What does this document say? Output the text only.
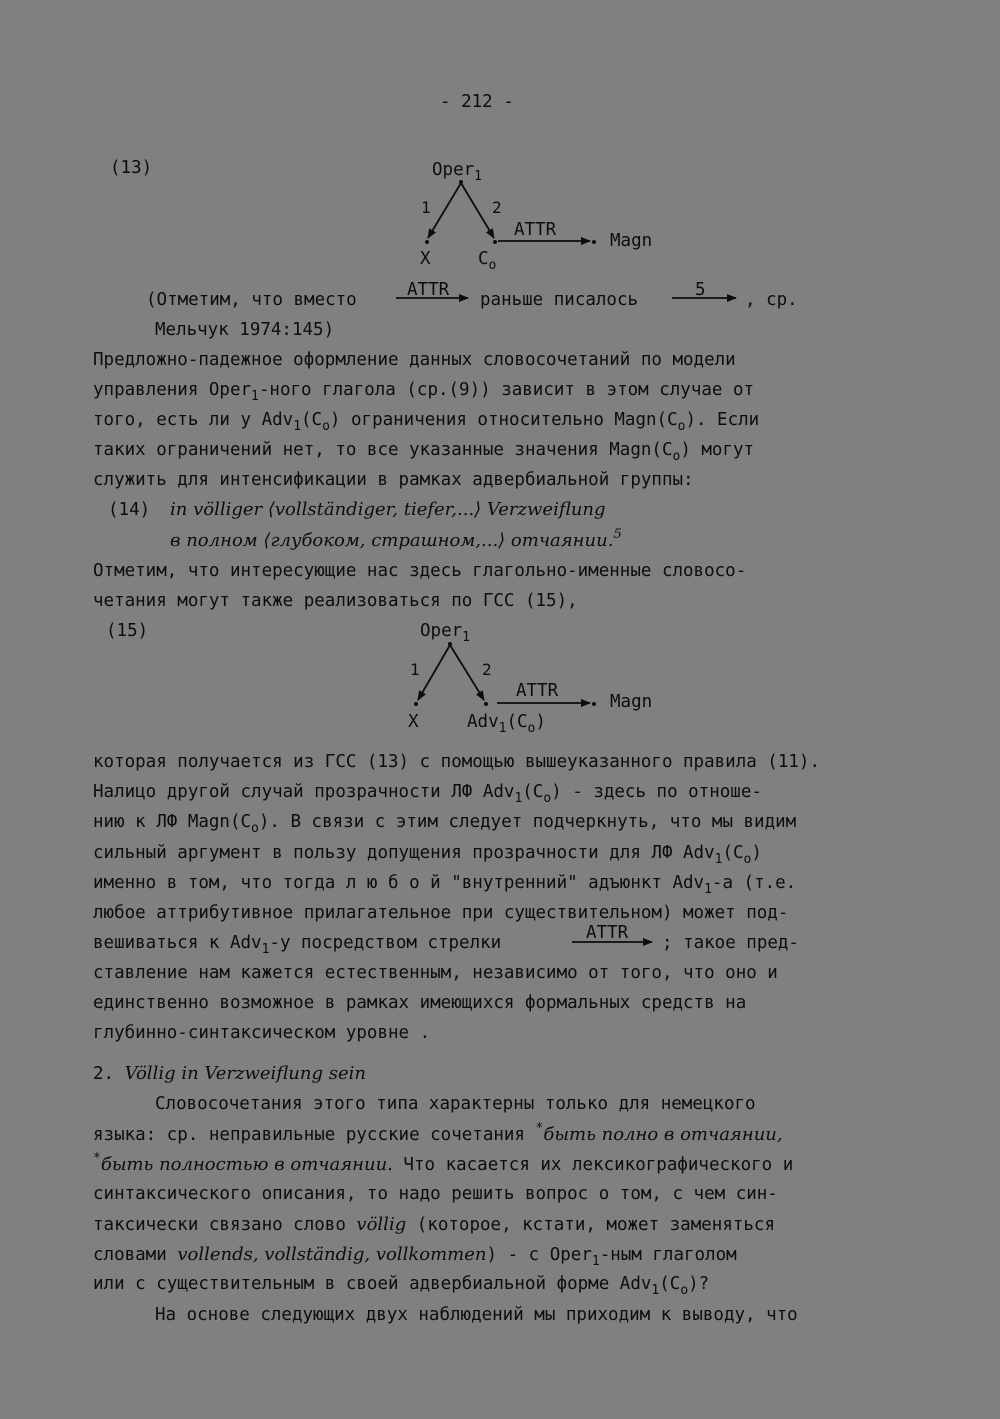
- 212 -
(13)	Oper$_1$
1	2
ATTR
Magn
X	$C_o$
(Отметим, что вместо	ATTR раньше писалось	5 , ср.
Мельчук 1974:145)
Предложно-падежное оформление данных словосочетаний по модели
управления Oper$_1$-ного глагола (ср.(9)) зависит в этом случае от
того, есть ли у $Adv_1(C_o)$ ограничения относительно $Magn(C_o)$. Если
таких ограничений нет, то все указанные значения $Magn(C_o)$ могут
служить для интенсификации в рамках адвербиальной группы:
(14) in völliger ⟨vollständiger, tiefer,...⟩ Verzweiflung
в полном ⟨глубоком, страшном,...⟩ отчаянии.$^5$
Отметим, что интересующие нас здесь глагольно-именные словосо-
четания могут также реализоваться по ГСС (15),
(15)	Oper$_1$
1	2
ATTR
Magn
X	$Adv_1(C_o)$
которая получается из ГСС (13) с помощью вышеуказанного правила (11).
Налицо другой случай прозрачности ЛФ $Adv_1(C_o)$ - здесь по отноше-
нию к ЛФ $Magn(C_o)$. В связи с этим следует подчеркнуть, что мы видим
сильный аргумент в пользу допущения прозрачности для ЛФ $Adv_1(C_o)$
именно в том, что тогда л ю б о й "внутренний" адъюнкт Adv$_1$-а (т.е.
любое аттрибутивное прилагательное при существительном) может под-
вешиваться к Adv$_1$-у посредством стрелки	ATTR ; такое пред-
ставление нам кажется естественным, независимо от того, что оно и
единственно возможное в рамках имеющихся формальных средств на
глубинно-синтаксическом уровне .
2. Völlig in Verzweiflung sein
Словосочетания этого типа характерны только для немецкого
языка: ср. неправильные русские сочетания *быть полно в отчаянии,
*быть полностью в отчаянии. Что касается их лексикографического и
синтаксического описания, то надо решить вопрос о том, с чем син-
таксически связано слово völlig (которое, кстати, может заменяться
словами vollends, vollständig, vollkommen) - с Oper$_1$-ным глаголом
или с существительным в своей адвербиальной форме $Adv_1(C_o)$?
На основе следующих двух наблюдений мы приходим к выводу, что
